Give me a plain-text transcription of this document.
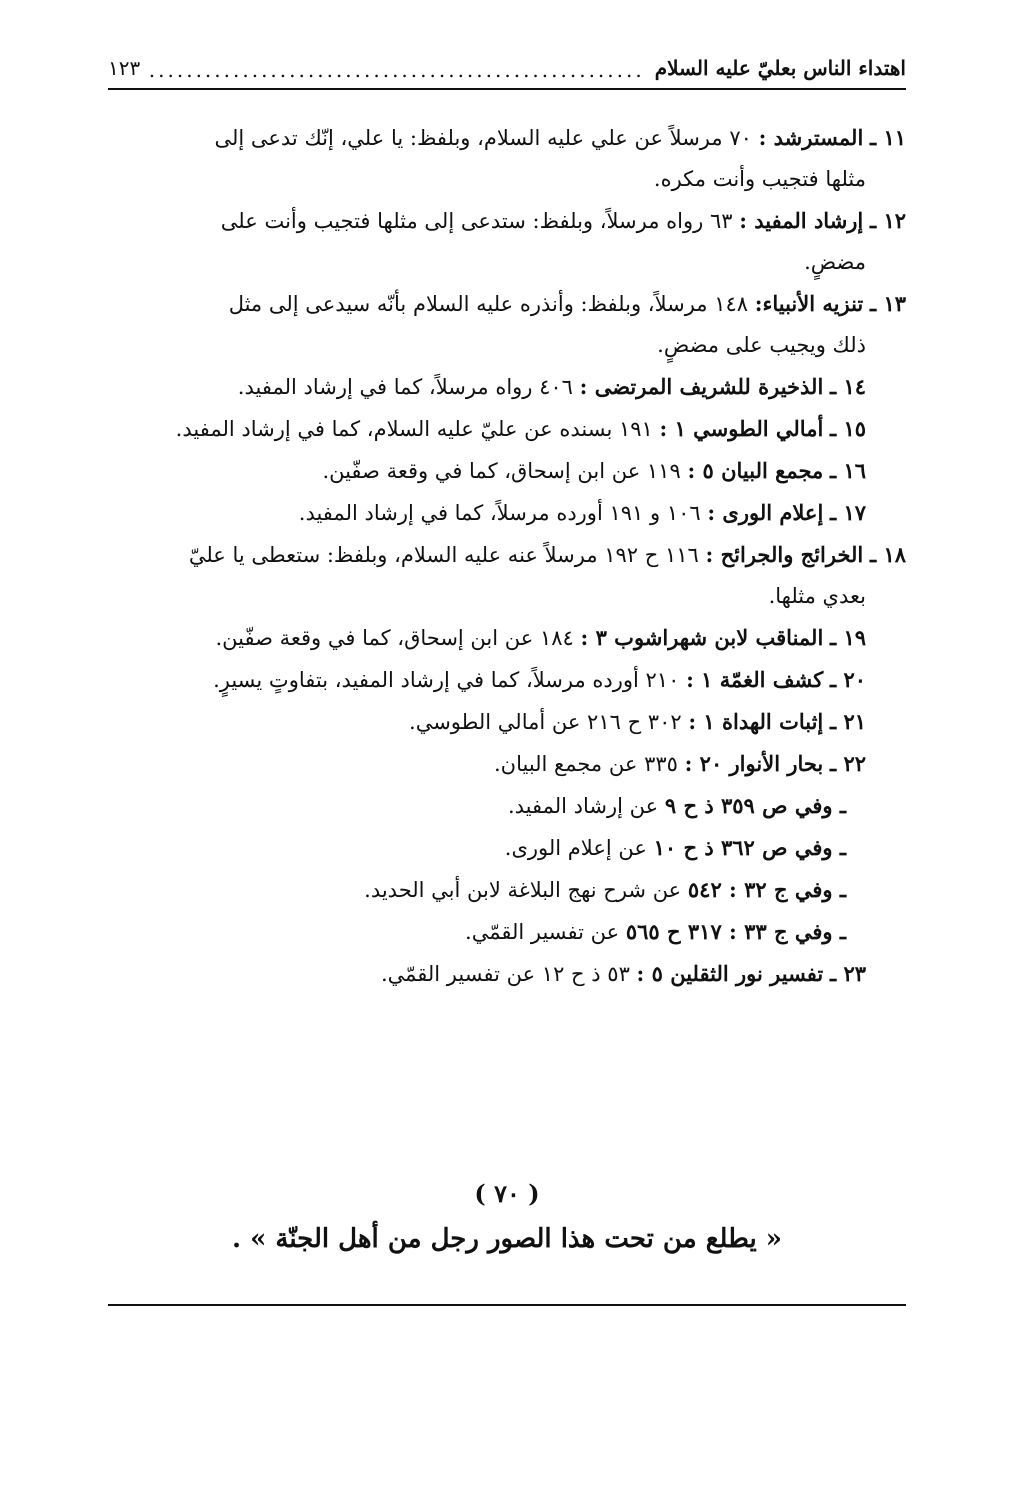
اهتداء الناس بعليّ عليه السلام
.....
١٢٣
١١ ـ المسترشد : ٧٠ مرسلاً عن علي عليه السلام، وبلفظ: يا علي، إنّك تدعى إلى
مثلها فتجيب وأنت مكره.
١٢ ـ إرشاد المفيد : ٦٣ رواه مرسلاً، وبلفظ: ستدعى إلى مثلها فتجيب وأنت على
مضضٍ.
١٣ ـ تنزيه الأنبياء: ١٤٨ مرسلاً، وبلفظ: وأنذره عليه السلام بأنّه سيدعى إلى مثل
ذلك ويجيب على مضضٍ.
١٤ ـ الذخيرة للشريف المرتضى : ٤٠٦ رواه مرسلاً، كما في إرشاد المفيد.
١٥ ـ أمالي الطوسي ١ : ١٩١ بسنده عن عليّ عليه السلام، كما في إرشاد المفيد.
١٦ ـ مجمع البيان ٥ : ١١٩ عن ابن إسحاق، كما في وقعة صفّين.
١٧ ـ إعلام الورى : ١٠٦ و ١٩١ أورده مرسلاً، كما في إرشاد المفيد.
١٨ ـ الخرائج والجرائح : ١١٦ ح ١٩٢ مرسلاً عنه عليه السلام، وبلفظ: ستعطى يا عليّ
بعدي مثلها.
١٩ ـ المناقب لابن شهراشوب ٣ : ١٨٤ عن ابن إسحاق، كما في وقعة صفّين.
٢٠ ـ كشف الغمّة ١ : ٢١٠ أورده مرسلاً، كما في إرشاد المفيد، بتفاوتٍ يسيرٍ.
٢١ ـ إثبات الهداة ١ : ٣٠٢ ح ٢١٦ عن أمالي الطوسي.
٢٢ ـ بحار الأنوار ٢٠ : ٣٣٥ عن مجمع البيان.
ـ وفي ص ٣٥٩ ذ ح ٩ عن إرشاد المفيد.
ـ وفي ص ٣٦٢ ذ ح ١٠ عن إعلام الورى.
ـ وفي ج ٣٢ : ٥٤٢ عن شرح نهج البلاغة لابن أبي الحديد.
ـ وفي ج ٣٣ : ٣١٧ ح ٥٦٥ عن تفسير القمّي.
٢٣ ـ تفسير نور الثقلين ٥ : ٥٣ ذ ح ١٢ عن تفسير القمّي.
( ٧٠ )
« يطلع من تحت هذا الصور رجل من أهل الجنّة » .
